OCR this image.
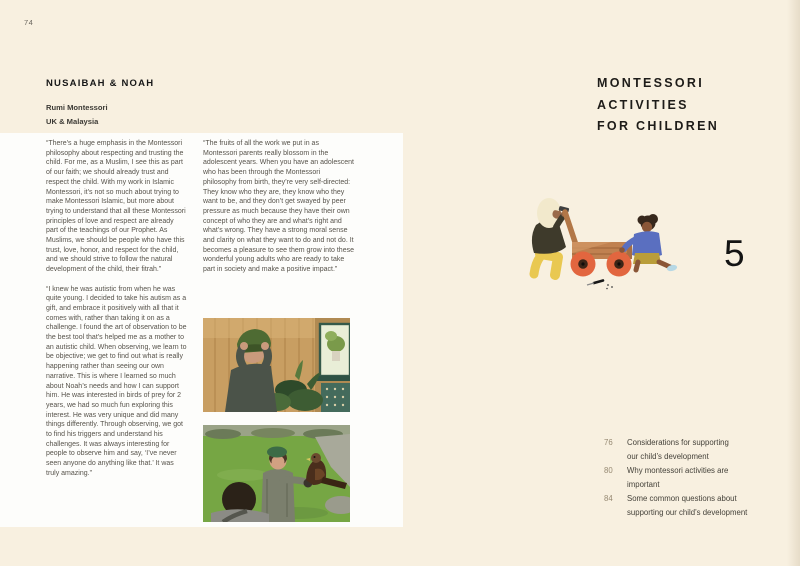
74
NUSAIBAH & NOAH
Rumi Montessori
UK & Malaysia

“There’s a huge emphasis in the Montessori philosophy about respecting and trusting the child. For me, as a Muslim, I see this as part of our faith; we should already trust and respect the child. With my work in Islamic Montessori, it’s not so much about trying to make Montessori Islamic, but more about trying to understand that all these Montessori principles of love and respect are already part of the teachings of our Prophet. As Muslims, we should be people who have this trust, love, honor, and respect for the child, and we should strive to follow the natural development of the child, their fitrah.”

“I knew he was autistic from when he was quite young. I decided to take his autism as a gift, and embrace it positively with all that it comes with, rather than taking it on as a challenge. I found the art of observation to be the best tool that’s helped me as a mother to an autistic child. When observing, we learn to be objective; we get to find out what is really happening rather than seeing our own narrative. This is where I learned so much about Noah’s needs and how I can support him. He was interested in birds of prey for 2 years, we had so much fun exploring this interest. He was very unique and did many things differently. Through observing, we got to find his triggers and understand his challenges. It was always interesting for people to observe him and say, ‘I’ve never seen anyone do anything like that.’ It was truly amazing.”

“The fruits of all the work we put in as Montessori parents really blossom in the adolescent years. When you have an adolescent who has been through the Montessori philosophy from birth, they’re very self-directed: They know who they are, they know who they want to be, and they don’t get swayed by peer pressure as much because they have their own concept of who they are and what’s right and what’s wrong. They have a strong moral sense and clarity on what they want to do and not do. It becomes a pleasure to see them grow into these wonderful young adults who are ready to take part in society and make a positive impact.”

MONTESSORI
ACTIVITIES
FOR CHILDREN
5
76	Considerations for supporting
our child’s development
80	Why montessori activities are
important
84	Some common questions about
supporting our child’s development
